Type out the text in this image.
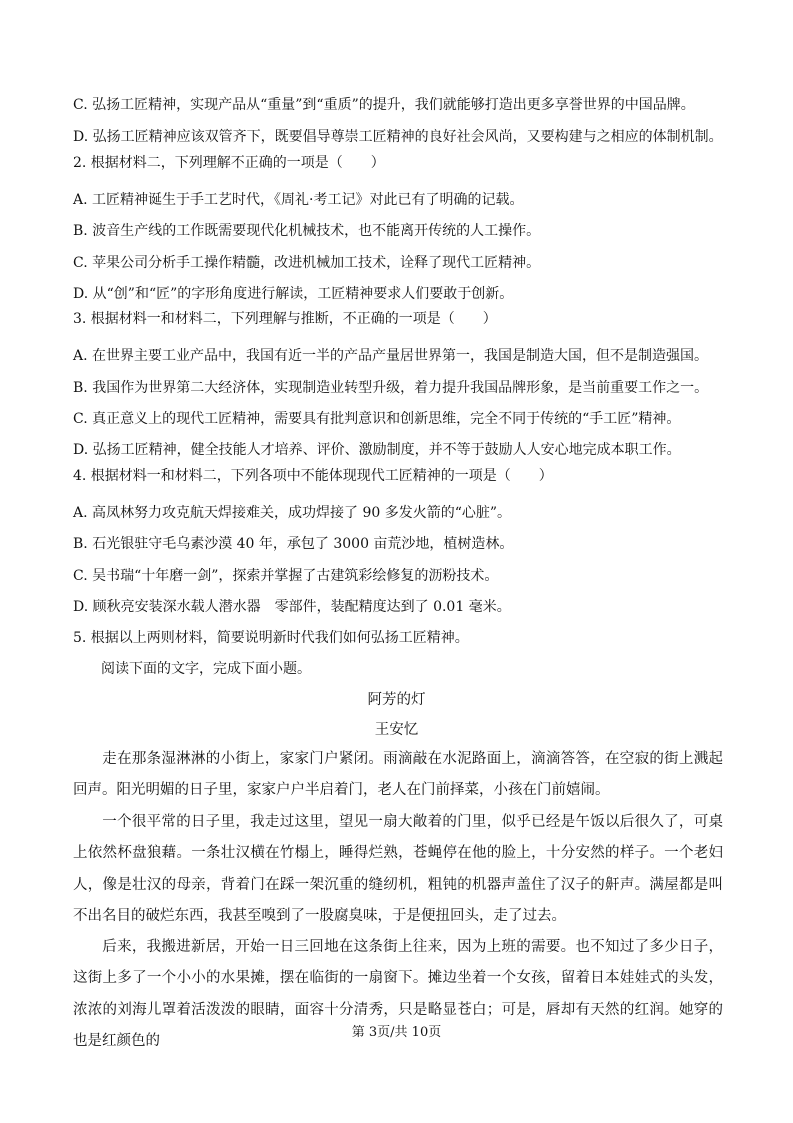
C. 弘扬工匠精神，实现产品从“重量”到“重质”的提升，我们就能够打造出更多享誉世界的中国品牌。
D. 弘扬工匠精神应该双管齐下，既要倡导尊崇工匠精神的良好社会风尚，又要构建与之相应的体制机制。
2. 根据材料二，下列理解不正确的一项是（　　）
A. 工匠精神诞生于手工艺时代，《周礼·考工记》对此已有了明确的记载。
B. 波音生产线的工作既需要现代化机械技术，也不能离开传统的人工操作。
C. 苹果公司分析手工操作精髓，改进机械加工技术，诠释了现代工匠精神。
D. 从“创”和“匠”的字形角度进行解读，工匠精神要求人们要敢于创新。
3. 根据材料一和材料二，下列理解与推断，不正确的一项是（　　）
A. 在世界主要工业产品中，我国有近一半的产品产量居世界第一，我国是制造大国，但不是制造强国。
B. 我国作为世界第二大经济体，实现制造业转型升级，着力提升我国品牌形象，是当前重要工作之一。
C. 真正意义上的现代工匠精神，需要具有批判意识和创新思维，完全不同于传统的“手工匠”精神。
D. 弘扬工匠精神，健全技能人才培养、评价、激励制度，并不等于鼓励人人安心地完成本职工作。
4. 根据材料一和材料二，下列各项中不能体现现代工匠精神的一项是（　　）
A. 高凤林努力攻克航天焊接难关，成功焊接了 90 多发火箭的“心脏”。
B. 石光银驻守毛乌素沙漠 40 年，承包了 3000 亩荒沙地，植树造林。
C. 吴书瑞“十年磨一剑”，探索并掌握了古建筑彩绘修复的沥粉技术。
D. 顾秋亮安装深水载人潜水器　零部件，装配精度达到了 0.01 毫米。
5. 根据以上两则材料，简要说明新时代我们如何弘扬工匠精神。
阅读下面的文字，完成下面小题。
阿芳的灯
王安忆
走在那条湿淋淋的小街上，家家门户紧闭。雨滴敲在水泥路面上，滴滴答答，在空寂的街上溅起回声。阳光明媚的日子里，家家户户半启着门，老人在门前择菜，小孩在门前嬉闹。
一个很平常的日子里，我走过这里，望见一扇大敞着的门里，似乎已经是午饭以后很久了，可桌上依然杯盘狼藉。一条壮汉横在竹榻上，睡得烂熟，苍蝇停在他的脸上，十分安然的样子。一个老妇人，像是壮汉的母亲，背着门在踩一架沉重的缝纫机，粗钝的机器声盖住了汉子的鼾声。满屋都是叫不出名目的破烂东西，我甚至嗅到了一股腐臭味，于是便扭回头，走了过去。
后来，我搬进新居，开始一日三回地在这条街上往来，因为上班的需要。也不知过了多少日子，这街上多了一个小小的水果摊，摆在临街的一扇窗下。摊边坐着一个女孩，留着日本娃娃式的头发，浓浓的刘海儿罩着活泼泼的眼睛，面容十分清秀，只是略显苍白；可是，唇却有天然的红润。她穿的也是红颜色的
第 3页/共 10页
